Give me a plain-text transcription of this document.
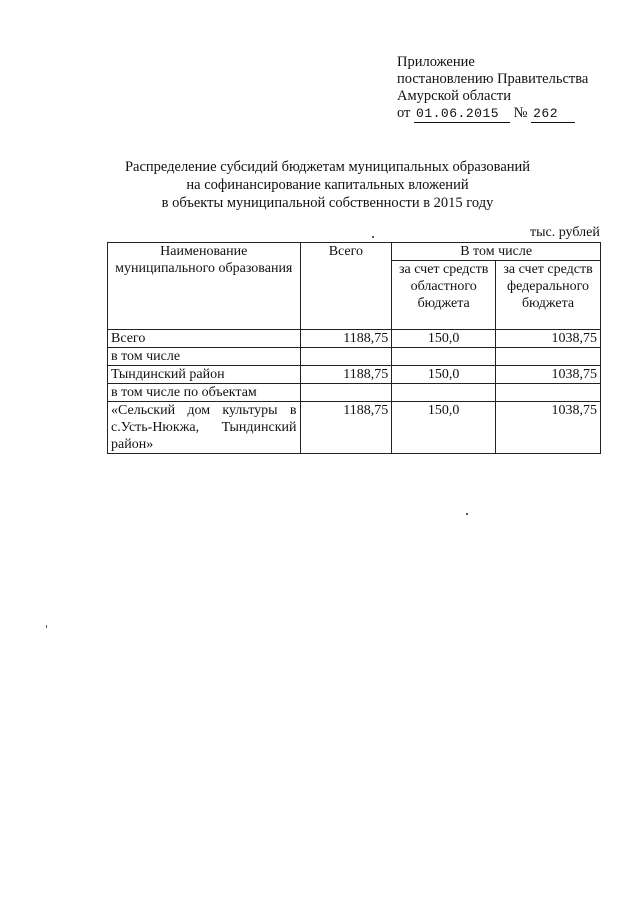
Приложение
постановлению Правительства
Амурской области
от 01.06.2015 № 262
Распределение субсидий бюджетам муниципальных образований
на софинансирование капитальных вложений
в объекты муниципальной собственности в 2015 году
тыс. рублей
Наименование муниципального образования	Всего	В том числе	
		за счет средств областного бюджета	за счет средств федерального бюджета
Всего	1188,75	150,0	1038,75
в том числе			
Тындинский район	1188,75	150,0	1038,75
в том числе по объектам			
«Сельский дом культуры в с.Усть-Нюкжа, Тындинский район»	1188,75	150,0	1038,75
